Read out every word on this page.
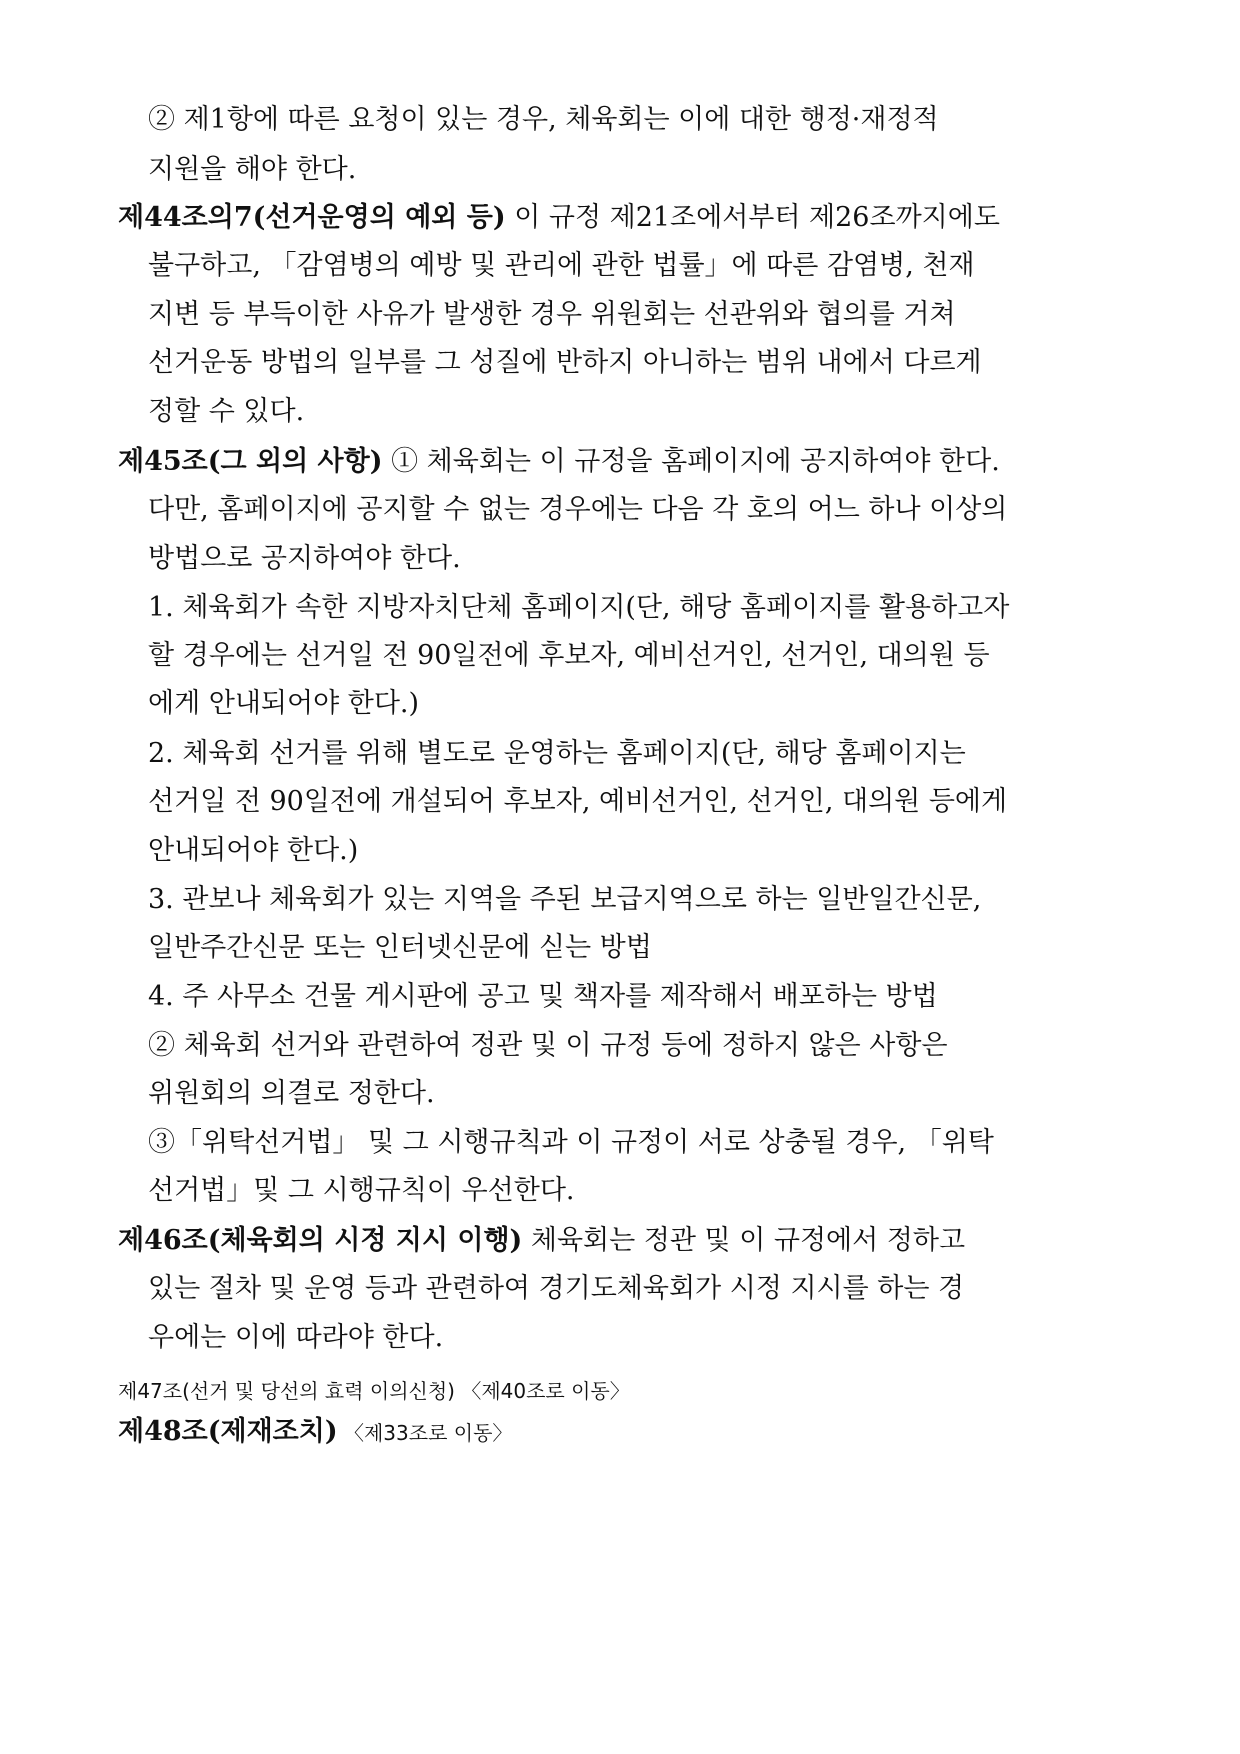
② 제1항에 따른 요청이 있는 경우, 체육회는 이에 대한 행정·재정적
지원을 해야 한다.
제44조의7(선거운영의 예외 등) 이 규정 제21조에서부터 제26조까지에도
불구하고, 「감염병의 예방 및 관리에 관한 법률」에 따른 감염병, 천재
지변 등 부득이한 사유가 발생한 경우 위원회는 선관위와 협의를 거쳐
선거운동 방법의 일부를 그 성질에 반하지 아니하는 범위 내에서 다르게
정할 수 있다.
제45조(그 외의 사항) ① 체육회는 이 규정을 홈페이지에 공지하여야 한다.
다만, 홈페이지에 공지할 수 없는 경우에는 다음 각 호의 어느 하나 이상의
방법으로 공지하여야 한다.
1. 체육회가 속한 지방자치단체 홈페이지(단, 해당 홈페이지를 활용하고자
할 경우에는 선거일 전 90일전에 후보자, 예비선거인, 선거인, 대의원 등
에게 안내되어야 한다.)
2. 체육회 선거를 위해 별도로 운영하는 홈페이지(단, 해당 홈페이지는
선거일 전 90일전에 개설되어 후보자, 예비선거인, 선거인, 대의원 등에게
안내되어야 한다.)
3. 관보나 체육회가 있는 지역을 주된 보급지역으로 하는 일반일간신문,
일반주간신문 또는 인터넷신문에 싣는 방법
4. 주 사무소 건물 게시판에 공고 및 책자를 제작해서 배포하는 방법
② 체육회 선거와 관련하여 정관 및 이 규정 등에 정하지 않은 사항은
위원회의 의결로 정한다.
③「위탁선거법」 및 그 시행규칙과 이 규정이 서로 상충될 경우, 「위탁
선거법」및 그 시행규칙이 우선한다.
제46조(체육회의 시정 지시 이행) 체육회는 정관 및 이 규정에서 정하고
있는 절차 및 운영 등과 관련하여 경기도체육회가 시정 지시를 하는 경
우에는 이에 따라야 한다.
제47조(선거 및 당선의 효력 이의신청) 〈제40조로 이동〉
제48조(제재조치) 〈제33조로 이동〉
